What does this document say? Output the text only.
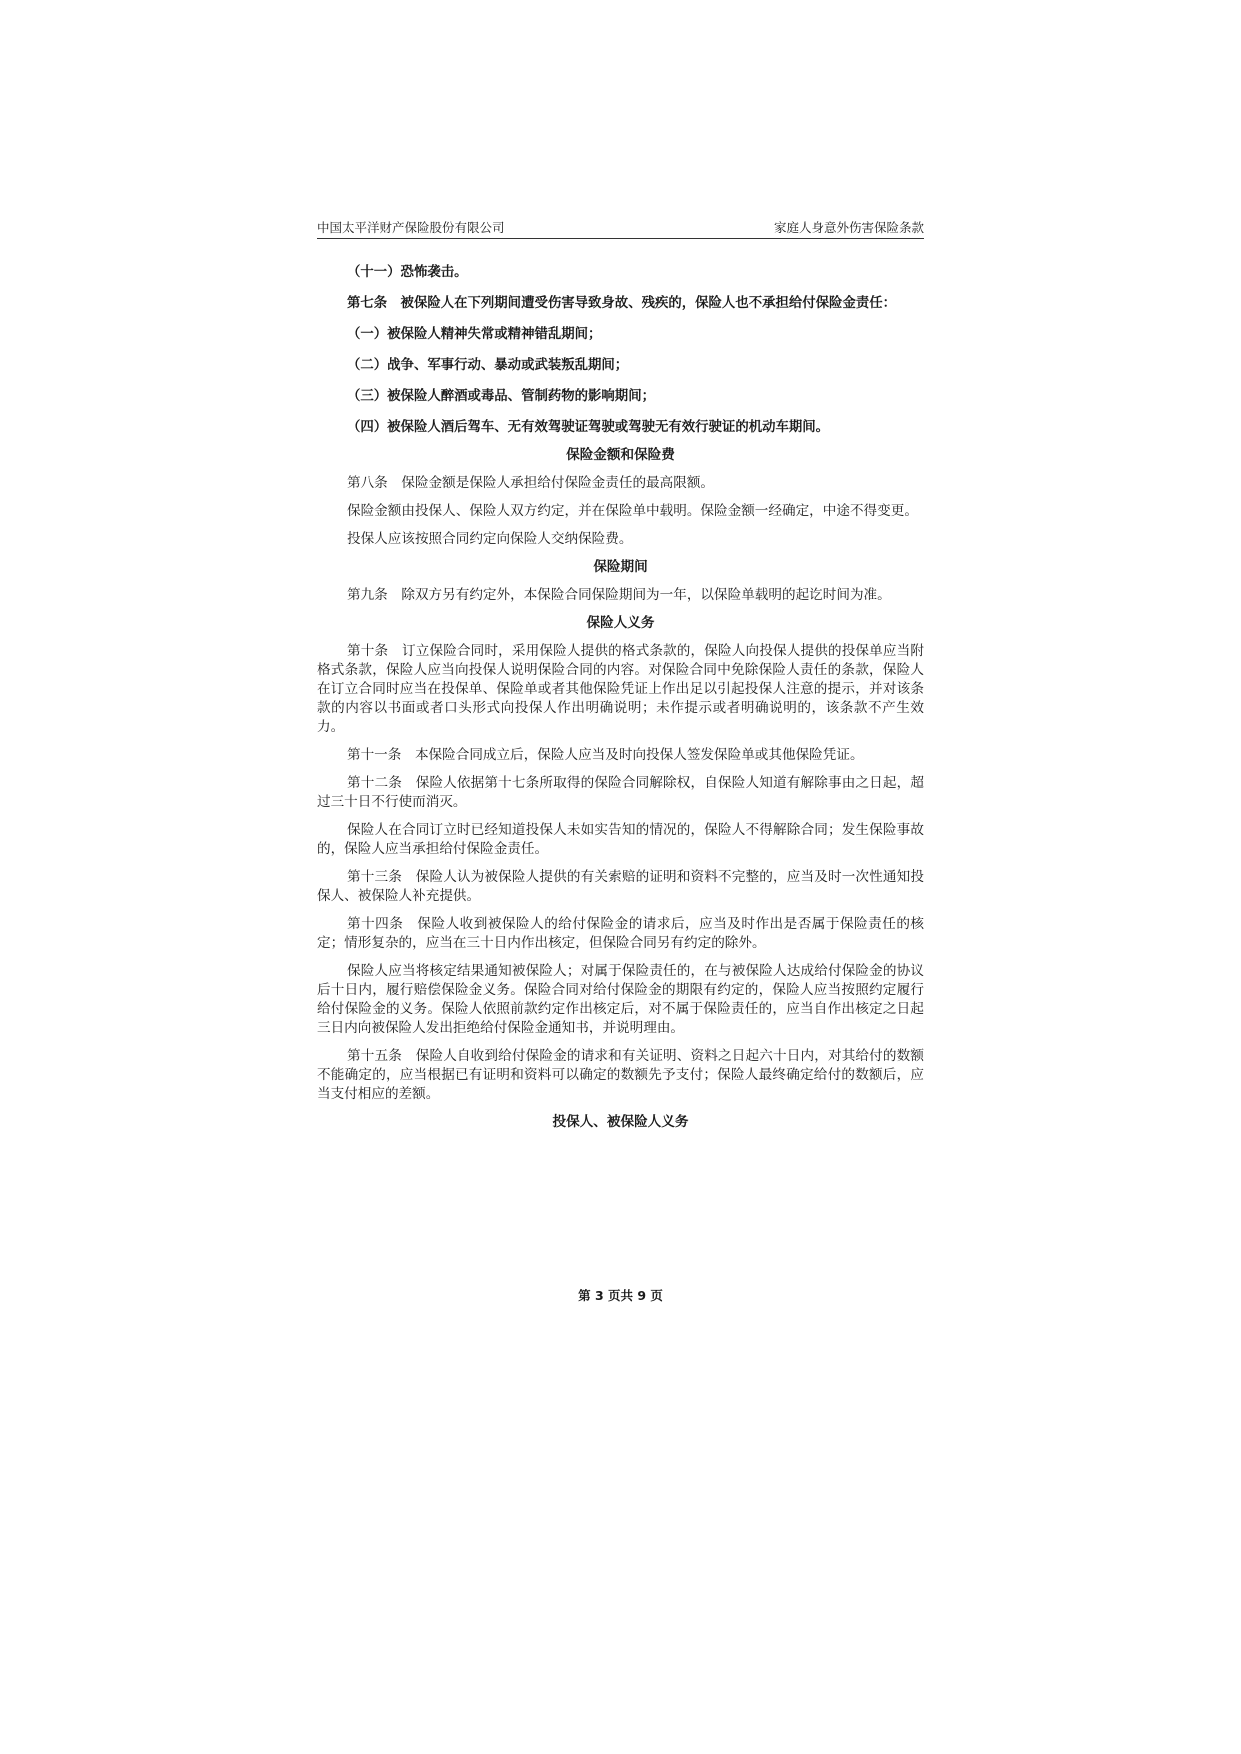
中国太平洋财产保险股份有限公司	家庭人身意外伤害保险条款

（十一）恐怖袭击。

第七条　被保险人在下列期间遭受伤害导致身故、残疾的，保险人也不承担给付保险金责任：

（一）被保险人精神失常或精神错乱期间；

（二）战争、军事行动、暴动或武装叛乱期间；

（三）被保险人醉酒或毒品、管制药物的影响期间；

（四）被保险人酒后驾车、无有效驾驶证驾驶或驾驶无有效行驶证的机动车期间。

保险金额和保险费

第八条　保险金额是保险人承担给付保险金责任的最高限额。

保险金额由投保人、保险人双方约定，并在保险单中载明。保险金额一经确定，中途不得变更。

投保人应该按照合同约定向保险人交纳保险费。

保险期间

第九条　除双方另有约定外，本保险合同保险期间为一年，以保险单载明的起讫时间为准。

保险人义务

第十条　订立保险合同时，采用保险人提供的格式条款的，保险人向投保人提供的投保单应当附格式条款，保险人应当向投保人说明保险合同的内容。对保险合同中免除保险人责任的条款，保险人在订立合同时应当在投保单、保险单或者其他保险凭证上作出足以引起投保人注意的提示，并对该条款的内容以书面或者口头形式向投保人作出明确说明；未作提示或者明确说明的，该条款不产生效力。

第十一条　本保险合同成立后，保险人应当及时向投保人签发保险单或其他保险凭证。

第十二条　保险人依据第十七条所取得的保险合同解除权，自保险人知道有解除事由之日起，超过三十日不行使而消灭。

保险人在合同订立时已经知道投保人未如实告知的情况的，保险人不得解除合同；发生保险事故的，保险人应当承担给付保险金责任。

第十三条　保险人认为被保险人提供的有关索赔的证明和资料不完整的，应当及时一次性通知投保人、被保险人补充提供。

第十四条　保险人收到被保险人的给付保险金的请求后，应当及时作出是否属于保险责任的核定；情形复杂的，应当在三十日内作出核定，但保险合同另有约定的除外。

保险人应当将核定结果通知被保险人；对属于保险责任的，在与被保险人达成给付保险金的协议后十日内，履行赔偿保险金义务。保险合同对给付保险金的期限有约定的，保险人应当按照约定履行给付保险金的义务。保险人依照前款约定作出核定后，对不属于保险责任的，应当自作出核定之日起三日内向被保险人发出拒绝给付保险金通知书，并说明理由。

第十五条　保险人自收到给付保险金的请求和有关证明、资料之日起六十日内，对其给付的数额不能确定的，应当根据已有证明和资料可以确定的数额先予支付；保险人最终确定给付的数额后，应当支付相应的差额。

投保人、被保险人义务
第 3 页共 9 页
